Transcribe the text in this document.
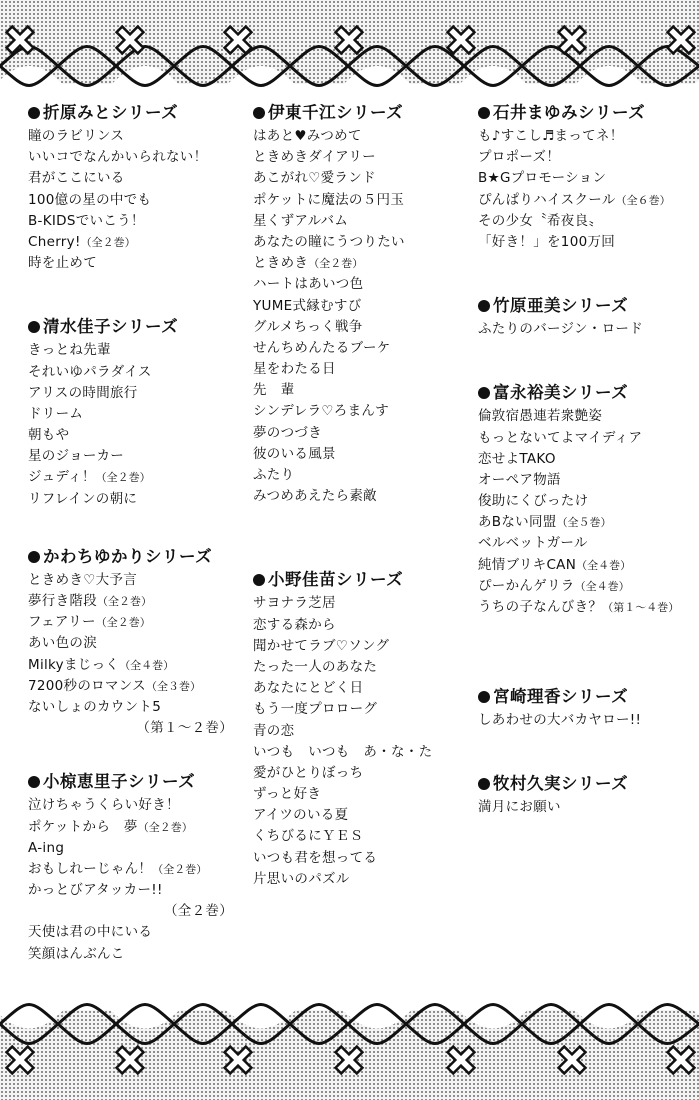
折原みとシリーズ
瞳のラビリンス
いいコでなんかいられない！
君がここにいる
100億の星の中でも
B-KIDSでいこう！
Cherry!（全２巻）
時を止めて
清水佳子シリーズ
きっとね先輩
それいゆパラダイス
アリスの時間旅行
ドリーム
朝もや
星のジョーカー
ジュディ！（全２巻）
リフレインの朝に
かわちゆかりシリーズ
ときめき♡大予言
夢行き階段（全２巻）
フェアリー（全２巻）
あい色の涙
Milkyまじっく（全４巻）
7200秒のロマンス（全３巻）
ないしょのカウント5
（第１～２巻）
小椋恵里子シリーズ
泣けちゃうくらい好き！
ポケットから　夢（全２巻）
A-ing
おもしれーじゃん！（全２巻）
かっとびアタッカー!!
（全２巻）
天使は君の中にいる
笑顔はんぶんこ
伊東千江シリーズ
はあと♥みつめて
ときめきダイアリー
あこがれ♡愛ランド
ポケットに魔法の５円玉
星くずアルバム
あなたの瞳にうつりたい
ときめき（全２巻）
ハートはあいつ色
YUME式縁むすび
グルメちっく戦争
せんちめんたるブーケ
星をわたる日
先　輩
シンデレラ♡ろまんす
夢のつづき
彼のいる風景
ふたり
みつめあえたら素敵
小野佳苗シリーズ
サヨナラ芝居
恋する森から
聞かせてラブ♡ソング
たった一人のあなた
あなたにとどく日
もう一度プロローグ
青の恋
いつも　いつも　あ・な・た
愛がひとりぼっち
ずっと好き
アイツのいる夏
くちびるにＹＥＳ
いつも君を想ってる
片思いのパズル
石井まゆみシリーズ
も♪すこし♬まってネ！
プロポーズ！
B★Gプロモーション
ぴんぱりハイスクール（全６巻）
その少女〝希夜良〟
「好き！」を100万回
竹原亜美シリーズ
ふたりのバージン・ロード
富永裕美シリーズ
倫敦宿愚連若衆艶姿
もっとないてよマイディア
恋せよTAKO
オーペア物語
俊助にくびったけ
あBない同盟（全５巻）
ベルベットガール
純情ブリキCAN（全４巻）
ぴーかんゲリラ（全４巻）
うちの子なんびき？（第１～４巻）
宮崎理香シリーズ
しあわせの大バカヤロー!!
牧村久実シリーズ
満月にお願い
